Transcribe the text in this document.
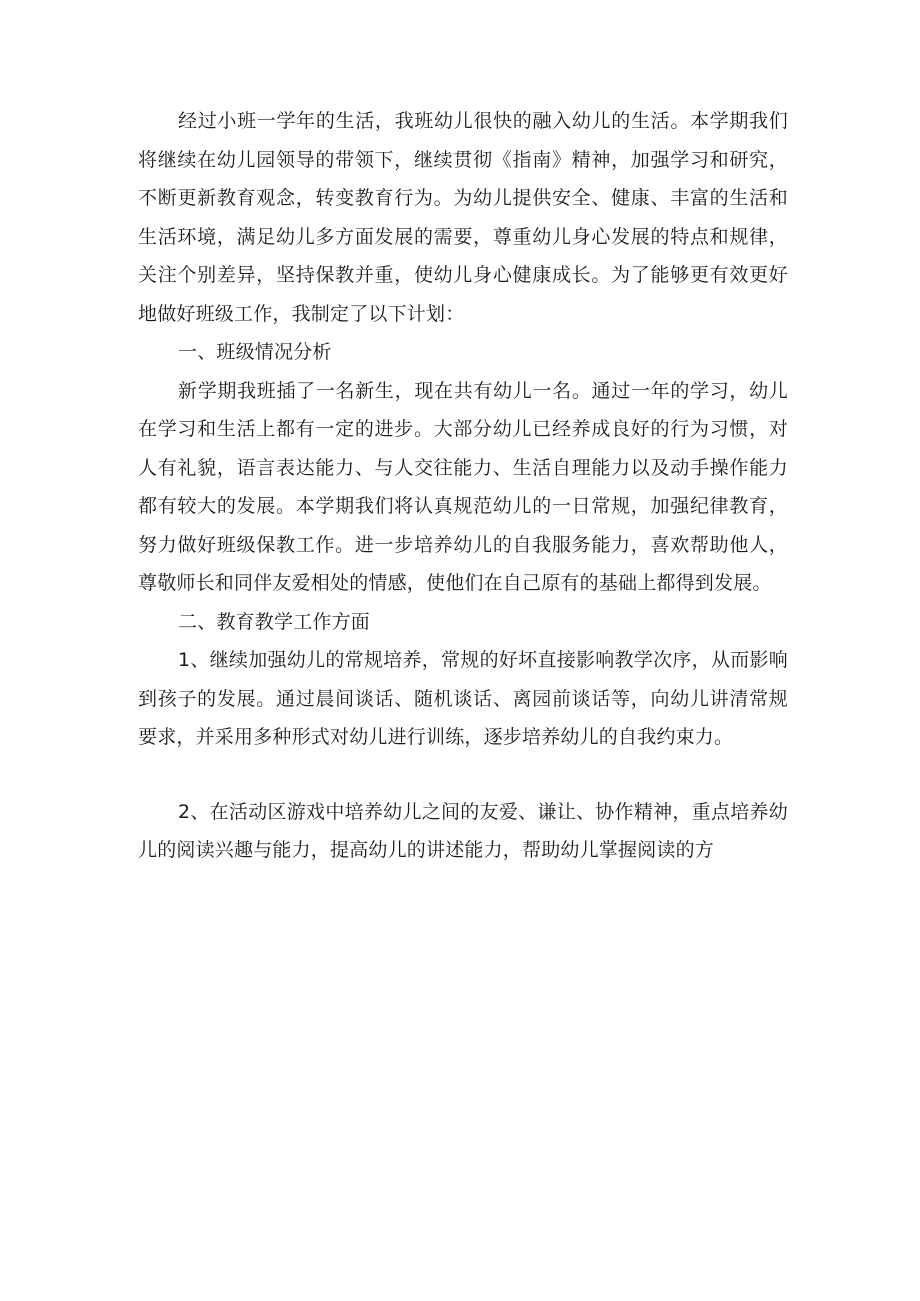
经过小班一学年的生活，我班幼儿很快的融入幼儿的生活。本学期我们将继续在幼儿园领导的带领下，继续贯彻《指南》精神，加强学习和研究，不断更新教育观念，转变教育行为。为幼儿提供安全、健康、丰富的生活和生活环境，满足幼儿多方面发展的需要，尊重幼儿身心发展的特点和规律，关注个别差异，坚持保教并重，使幼儿身心健康成长。为了能够更有效更好地做好班级工作，我制定了以下计划：

一、班级情况分析

新学期我班插了一名新生，现在共有幼儿一名。通过一年的学习，幼儿在学习和生活上都有一定的进步。大部分幼儿已经养成良好的行为习惯，对人有礼貌，语言表达能力、与人交往能力、生活自理能力以及动手操作能力都有较大的发展。本学期我们将认真规范幼儿的一日常规，加强纪律教育，努力做好班级保教工作。进一步培养幼儿的自我服务能力，喜欢帮助他人，尊敬师长和同伴友爱相处的情感，使他们在自己原有的基础上都得到发展。

二、教育教学工作方面

1、继续加强幼儿的常规培养，常规的好坏直接影响教学次序，从而影响到孩子的发展。通过晨间谈话、随机谈话、离园前谈话等，向幼儿讲清常规要求，并采用多种形式对幼儿进行训练，逐步培养幼儿的自我约束力。

2、在活动区游戏中培养幼儿之间的友爱、谦让、协作精神，重点培养幼儿的阅读兴趣与能力，提高幼儿的讲述能力，帮助幼儿掌握阅读的方
